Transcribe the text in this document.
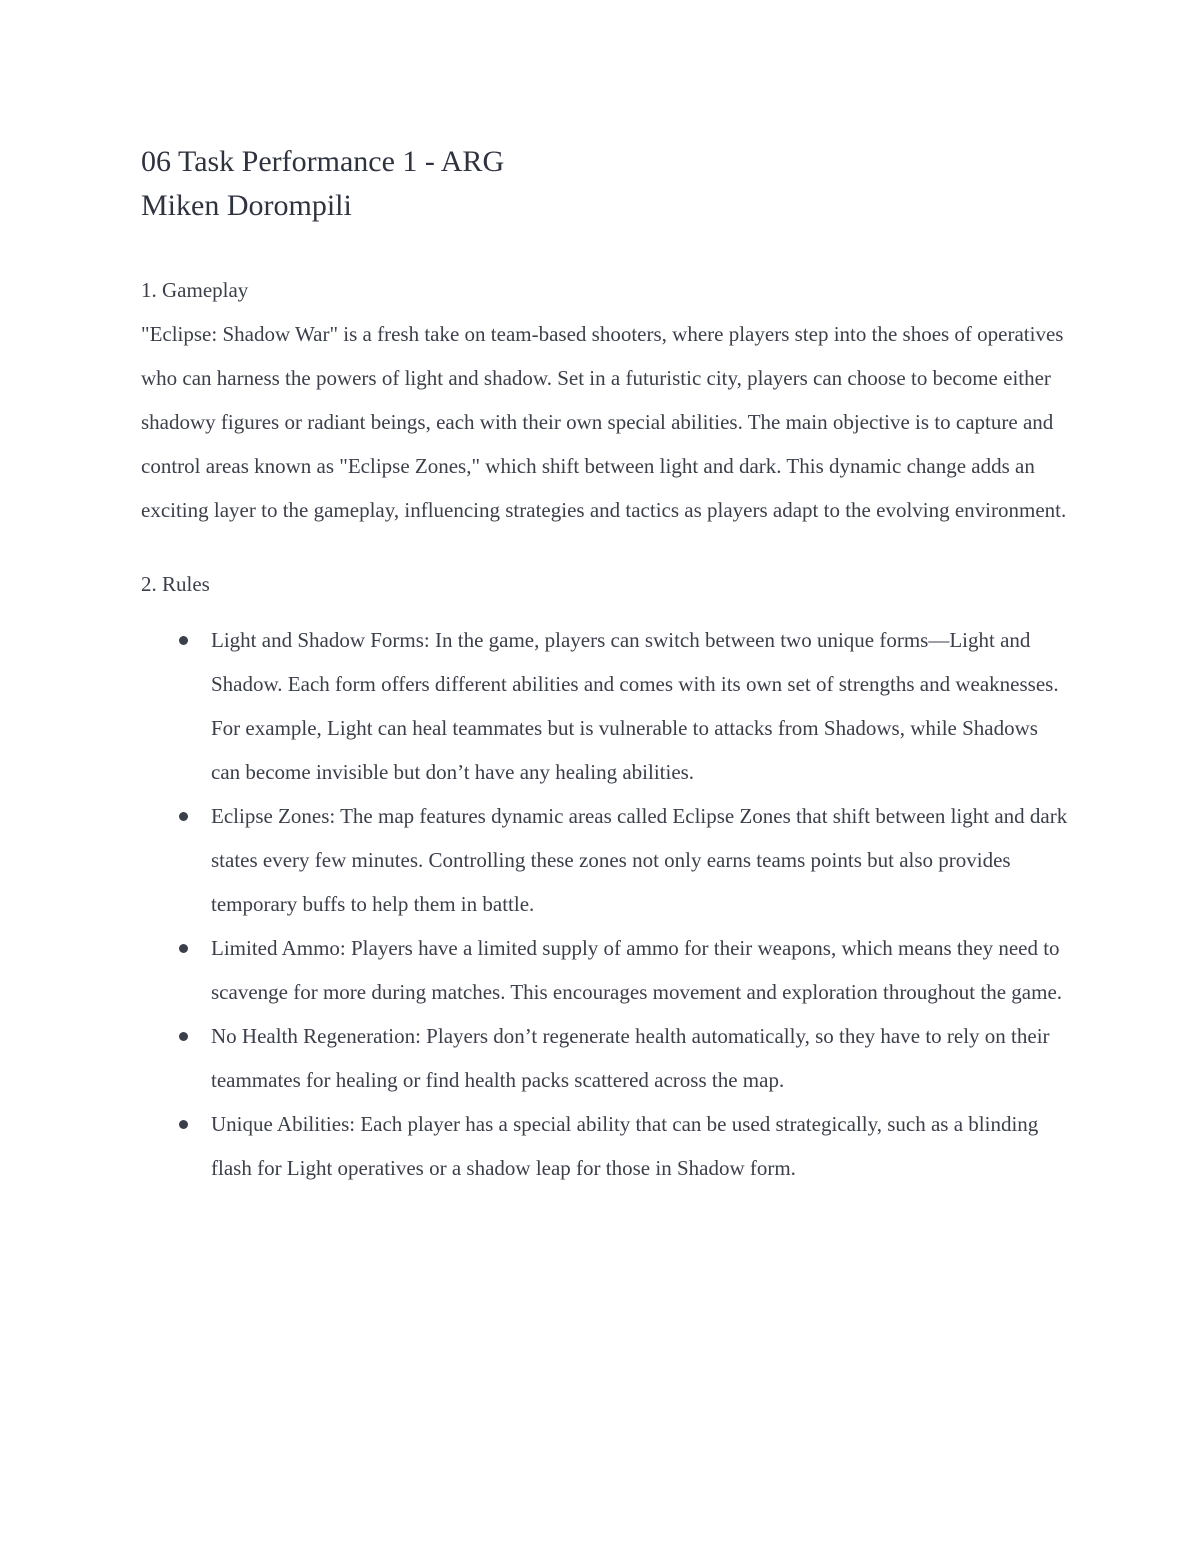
06 Task Performance 1 - ARG
Miken Dorompili
1. Gameplay

"Eclipse: Shadow War" is a fresh take on team-based shooters, where players step into the shoes of operatives who can harness the powers of light and shadow. Set in a futuristic city, players can choose to become either shadowy figures or radiant beings, each with their own special abilities. The main objective is to capture and control areas known as "Eclipse Zones," which shift between light and dark. This dynamic change adds an exciting layer to the gameplay, influencing strategies and tactics as players adapt to the evolving environment.

2. Rules
Light and Shadow Forms: In the game, players can switch between two unique forms—Light and Shadow. Each form offers different abilities and comes with its own set of strengths and weaknesses. For example, Light can heal teammates but is vulnerable to attacks from Shadows, while Shadows can become invisible but don’t have any healing abilities.
Eclipse Zones: The map features dynamic areas called Eclipse Zones that shift between light and dark states every few minutes. Controlling these zones not only earns teams points but also provides temporary buffs to help them in battle.
Limited Ammo: Players have a limited supply of ammo for their weapons, which means they need to scavenge for more during matches. This encourages movement and exploration throughout the game.
No Health Regeneration: Players don’t regenerate health automatically, so they have to rely on their teammates for healing or find health packs scattered across the map.
Unique Abilities: Each player has a special ability that can be used strategically, such as a blinding flash for Light operatives or a shadow leap for those in Shadow form.
